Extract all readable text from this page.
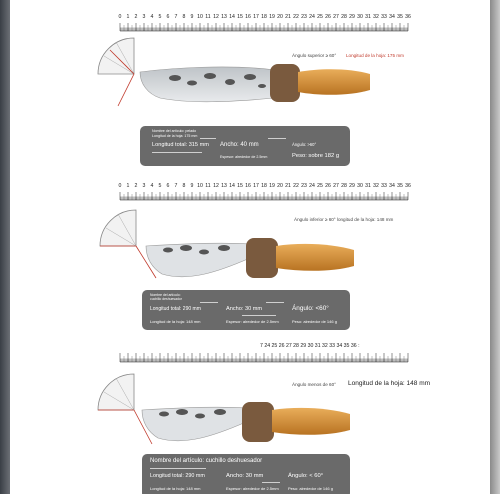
0 1 2 3 4 5 6 7 8 9 10 11 12 13 14 15 16 17 18 19 20 21 22 23 24 25 26 27 28 29 30 31 32 33 34 35 36
Ángulo superior ≥ 60° Longitud de la hoja: 175 mm
Nombre del artículo: pelado
Longitud de la hoja: 175 mm
Longitud total: 315 mm Ancho: 40 mm	Ángulo: >60°
Espesor: alrededor de 2.5mm	Peso: sobre 182 g
0 1 2 3 4 5 6 7 8 9 10 11 12 13 14 15 16 17 18 19 20 21 22 23 24 25 26 27 28 29 30 31 32 33 34 35 36
Ángulo inferior ≥ 60° longitud de la hoja: 148 mm
Nombre del artículo:
cuchillo deshuesador
Longitud total: 290 mm	Ancho: 30 mm	Ángulo: <60°
Longitud de la hoja: 148 mm	Espesor: alrededor de 2.5mm	Peso: alrededor de 146 g
7 24 25 26 27 28 29 30 31 32 33 34 35 36 :
Ángulo menos de 60° Longitud de la hoja: 148 mm
Nombre del artículo: cuchillo deshuesador
Longitud total: 290 mm	Ancho: 30 mm	Ángulo: < 60°
Longitud de la hoja: 148 mm	Espesor: alrededor de 2.5mm Peso: alrededor de 146 g
